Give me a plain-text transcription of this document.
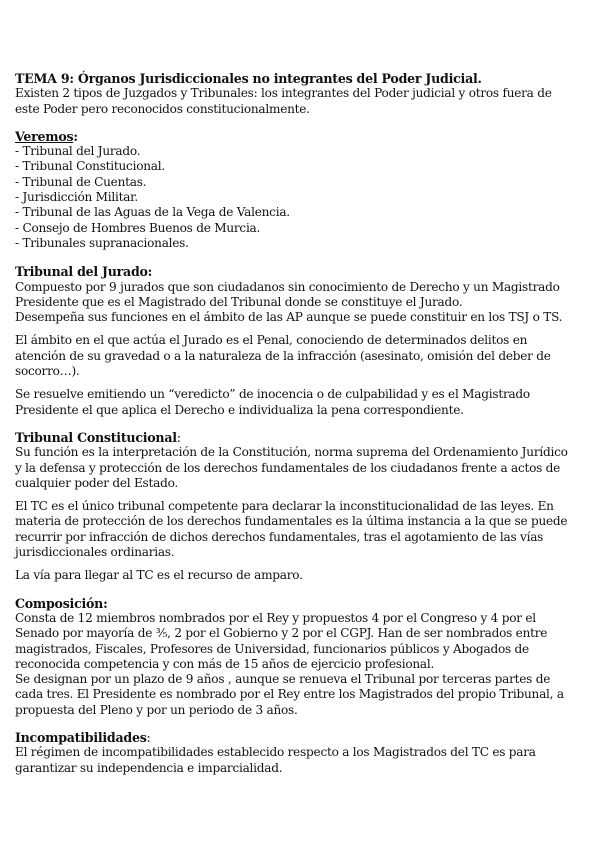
TEMA 9: Órganos Jurisdiccionales no integrantes del Poder Judicial.

Existen 2 tipos de Juzgados y Tribunales: los integrantes del Poder judicial y otros fuera de este Poder pero reconocidos constitucionalmente.

Veremos:

- Tribunal del Jurado.
- Tribunal Constitucional.
- Tribunal de Cuentas.
- Jurisdicción Militar.
- Tribunal de las Aguas de la Vega de Valencia.
- Consejo de Hombres Buenos de Murcia.
- Tribunales supranacionales.

Tribunal del Jurado:

Compuesto por 9 jurados que son ciudadanos sin conocimiento de Derecho y un Magistrado Presidente que es el Magistrado del Tribunal donde se constituye el Jurado.

Desempeña sus funciones en el ámbito de las AP aunque se puede constituir en los TSJ o TS.

El ámbito en el que actúa el Jurado es el Penal, conociendo de determinados delitos en atención de su gravedad o a la naturaleza de la infracción (asesinato, omisión del deber de socorro…).

Se resuelve emitiendo un “veredicto” de inocencia o de culpabilidad y es el Magistrado Presidente el que aplica el Derecho e individualiza la pena correspondiente.

Tribunal Constitucional:

Su función es la interpretación de la Constitución, norma suprema del Ordenamiento Jurídico y la defensa y protección de los derechos fundamentales de los ciudadanos frente a actos de cualquier poder del Estado.

El TC es el único tribunal competente para declarar la inconstitucionalidad de las leyes. En materia de protección de los derechos fundamentales es la última instancia a la que se puede recurrir por infracción de dichos derechos fundamentales, tras el agotamiento de las vías jurisdiccionales ordinarias.

La vía para llegar al TC es el recurso de amparo.

Composición:

Consta de 12 miembros nombrados por el Rey y propuestos 4 por el Congreso y 4 por el Senado por mayoría de ⅗, 2 por el Gobierno y 2 por el CGPJ. Han de ser nombrados entre magistrados, Fiscales, Profesores de Universidad, funcionarios públicos y Abogados de reconocida competencia y con más de 15 años de ejercicio profesional.

Se designan por un plazo de 9 años , aunque se renueva el Tribunal por terceras partes de cada tres. El Presidente es nombrado por el Rey entre los Magistrados del propio Tribunal, a propuesta del Pleno y por un periodo de 3 años.

Incompatibilidades:

El régimen de incompatibilidades establecido respecto a los Magistrados del TC es para garantizar su independencia e imparcialidad.
